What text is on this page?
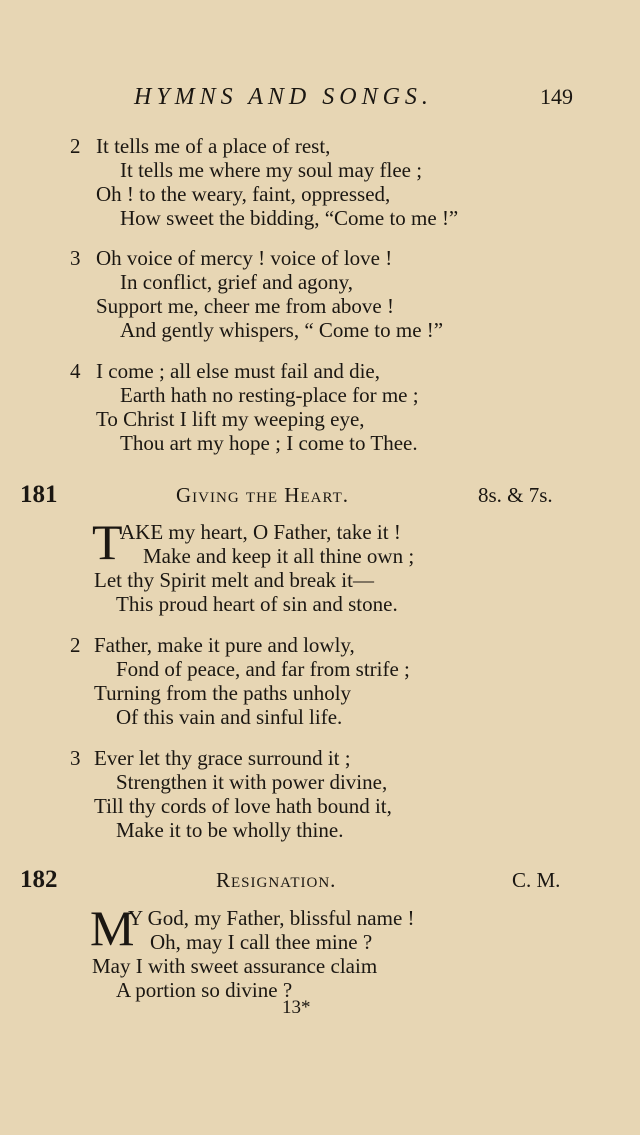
HYMNS AND SONGS.	149
2 It tells me of a place of rest,
It tells me where my soul may flee ;
Oh ! to the weary, faint, oppressed,
How sweet the bidding, “Come to me !”
3 Oh voice of mercy ! voice of love !
In conflict, grief and agony,
Support me, cheer me from above !
And gently whispers, “ Come to me !”
4 I come ; all else must fail and die,
Earth hath no resting-place for me ;
To Christ I lift my weeping eye,
Thou art my hope ; I come to Thee.
181	Giving the Heart.	8s. & 7s.
T
AKE my heart, O Father, take it !
Make and keep it all thine own ;
Let thy Spirit melt and break it—
This proud heart of sin and stone.
2 Father, make it pure and lowly,
Fond of peace, and far from strife ;
Turning from the paths unholy
Of this vain and sinful life.
3 Ever let thy grace surround it ;
Strengthen it with power divine,
Till thy cords of love hath bound it,
Make it to be wholly thine.
182	Resignation.	C. M.
M
Y God, my Father, blissful name !
Oh, may I call thee mine ?
May I with sweet assurance claim
A portion so divine ?
13*
